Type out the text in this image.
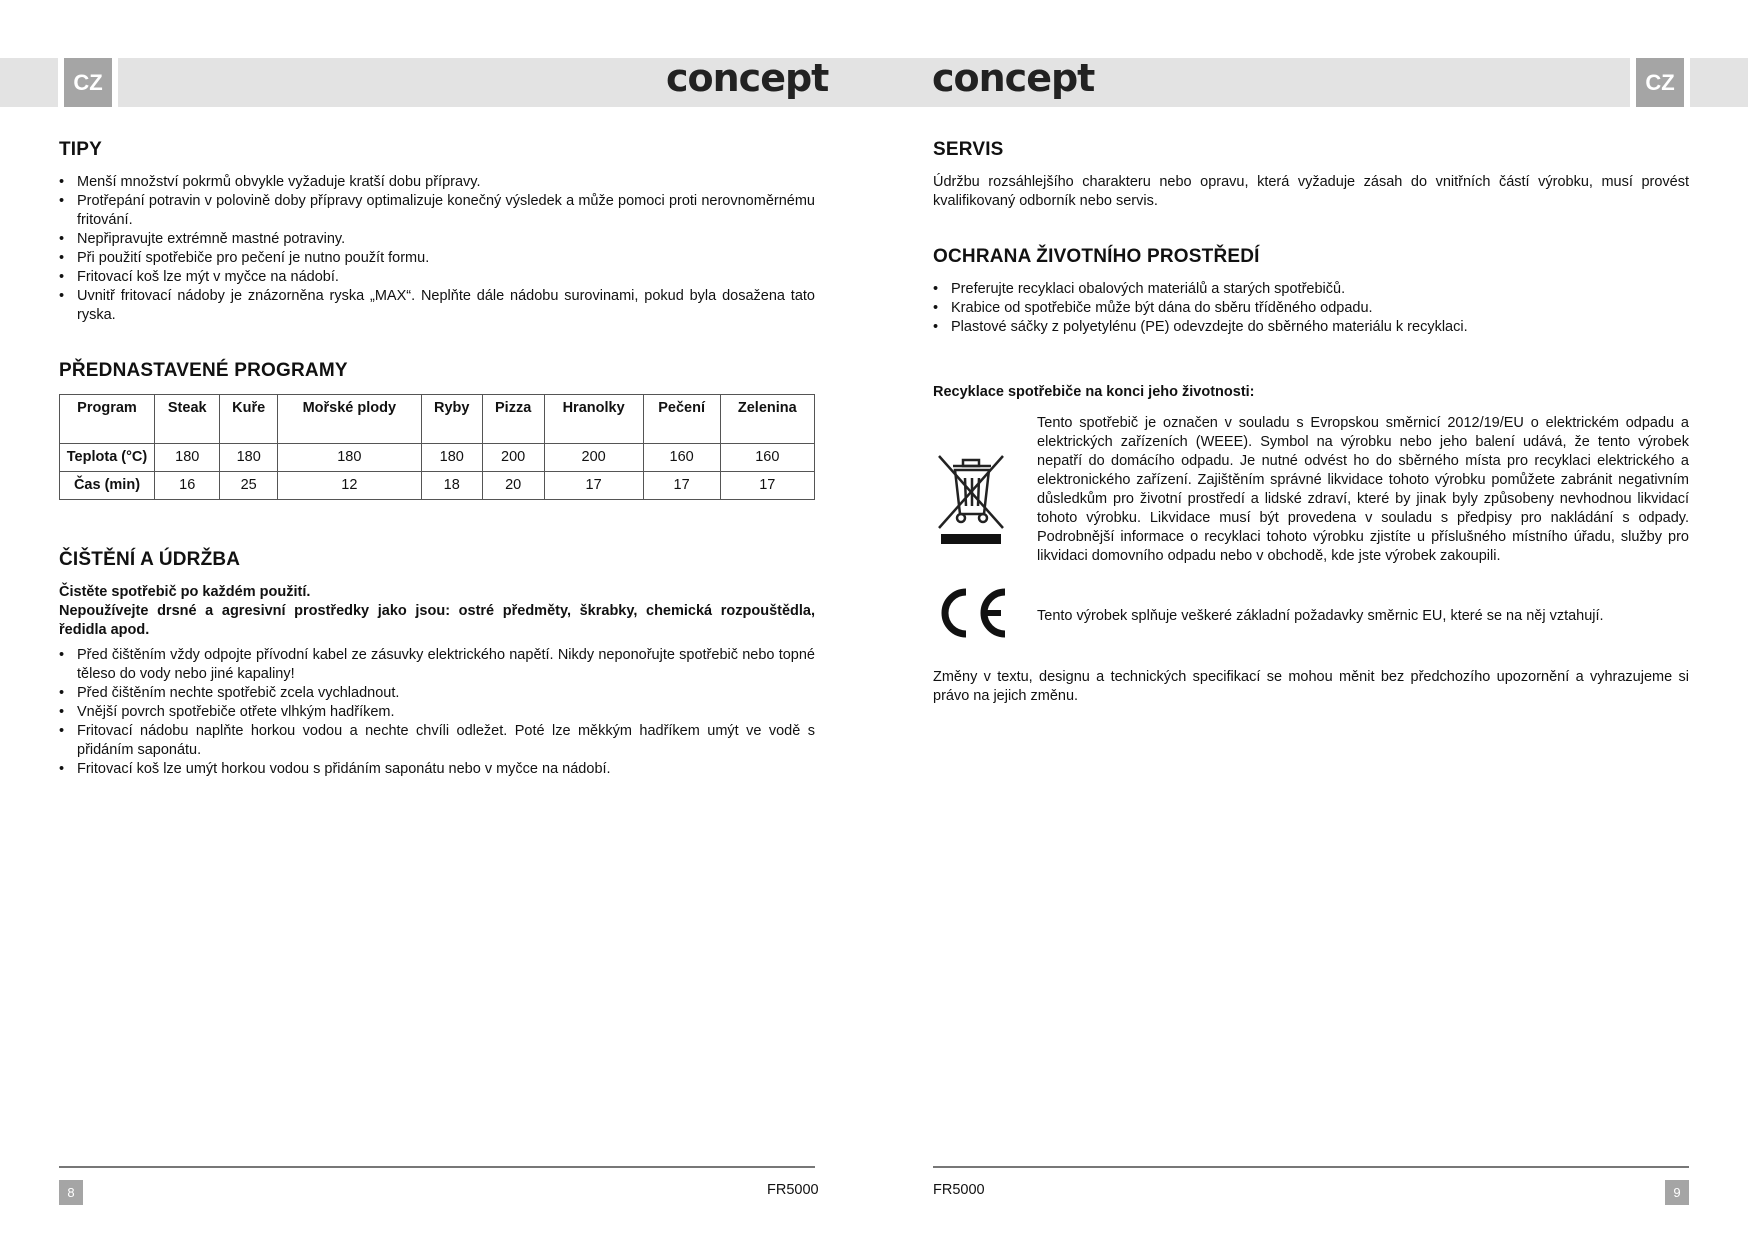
CZ	CZ
concept	concept
TIPY
• Menší množství pokrmů obvykle vyžaduje kratší dobu přípravy.
• Protřepání potravin v polovině doby přípravy optimalizuje konečný výsledek a může pomoci proti nerovnoměrnému fritování.
• Nepřipravujte extrémně mastné potraviny.
• Při použití spotřebiče pro pečení je nutno použít formu.
• Fritovací koš lze mýt v myčce na nádobí.
• Uvnitř fritovací nádoby je znázorněna ryska „MAX“. Neplňte dále nádobu surovinami, pokud byla dosažena tato ryska.
PŘEDNASTAVENÉ PROGRAMY
Program	Steak	Kuře	Mořské plody	Ryby	Pizza	Hranolky	Pečení	Zelenina
Teplota (°C)	180	180	180	180	200	200	160	160
Čas (min)	16	25	12	18	20	17	17	17
ČIŠTĚNÍ A ÚDRŽBA

Čistěte spotřebič po každém použití.

Nepoužívejte drsné a agresivní prostředky jako jsou: ostré předměty, škrabky, chemická rozpouštědla, ředidla apod.

• Před čištěním vždy odpojte přívodní kabel ze zásuvky elektrického napětí. Nikdy neponořujte spotřebič nebo topné těleso do vody nebo jiné kapaliny!
• Před čištěním nechte spotřebič zcela vychladnout.
• Vnější povrch spotřebiče otřete vlhkým hadříkem.
• Fritovací nádobu naplňte horkou vodou a nechte chvíli odležet. Poté lze měkkým hadříkem umýt ve vodě s přidáním saponátu.
• Fritovací koš lze umýt horkou vodou s přidáním saponátu nebo v myčce na nádobí.
SERVIS

Údržbu rozsáhlejšího charakteru nebo opravu, která vyžaduje zásah do vnitřních částí výrobku, musí provést kvalifikovaný odborník nebo servis.

OCHRANA ŽIVOTNÍHO PROSTŘEDÍ
• Preferujte recyklaci obalových materiálů a starých spotřebičů.
• Krabice od spotřebiče může být dána do sběru tříděného odpadu.
• Plastové sáčky z polyetylénu (PE) odevzdejte do sběrného materiálu k recyklaci.

Recyklace spotřebiče na konci jeho životnosti:

Tento spotřebič je označen v souladu s Evropskou směrnicí 2012/19/EU o elektrickém odpadu a elektrických zařízeních (WEEE). Symbol na výrobku nebo jeho balení udává, že tento výrobek nepatří do domácího odpadu. Je nutné odvést ho do sběrného místa pro recyklaci elektrického a elektronického zařízení. Zajištěním správné likvidace tohoto výrobku pomůžete zabránit negativním důsledkům pro životní prostředí a lidské zdraví, které by jinak byly způsobeny nevhodnou likvidací tohoto výrobku. Likvidace musí být provedena v souladu s předpisy pro nakládání s odpady. Podrobnější informace o recyklaci tohoto výrobku zjistíte u příslušného místního úřadu, služby pro likvidaci domovního odpadu nebo v obchodě, kde jste výrobek zakoupili.

Tento výrobek splňuje veškeré základní požadavky směrnic EU, které se na něj vztahují.

Změny v textu, designu a technických specifikací se mohou měnit bez předchozího upozornění a vyhrazujeme si právo na jejich změnu.

8	FR5000	FR5000	9
